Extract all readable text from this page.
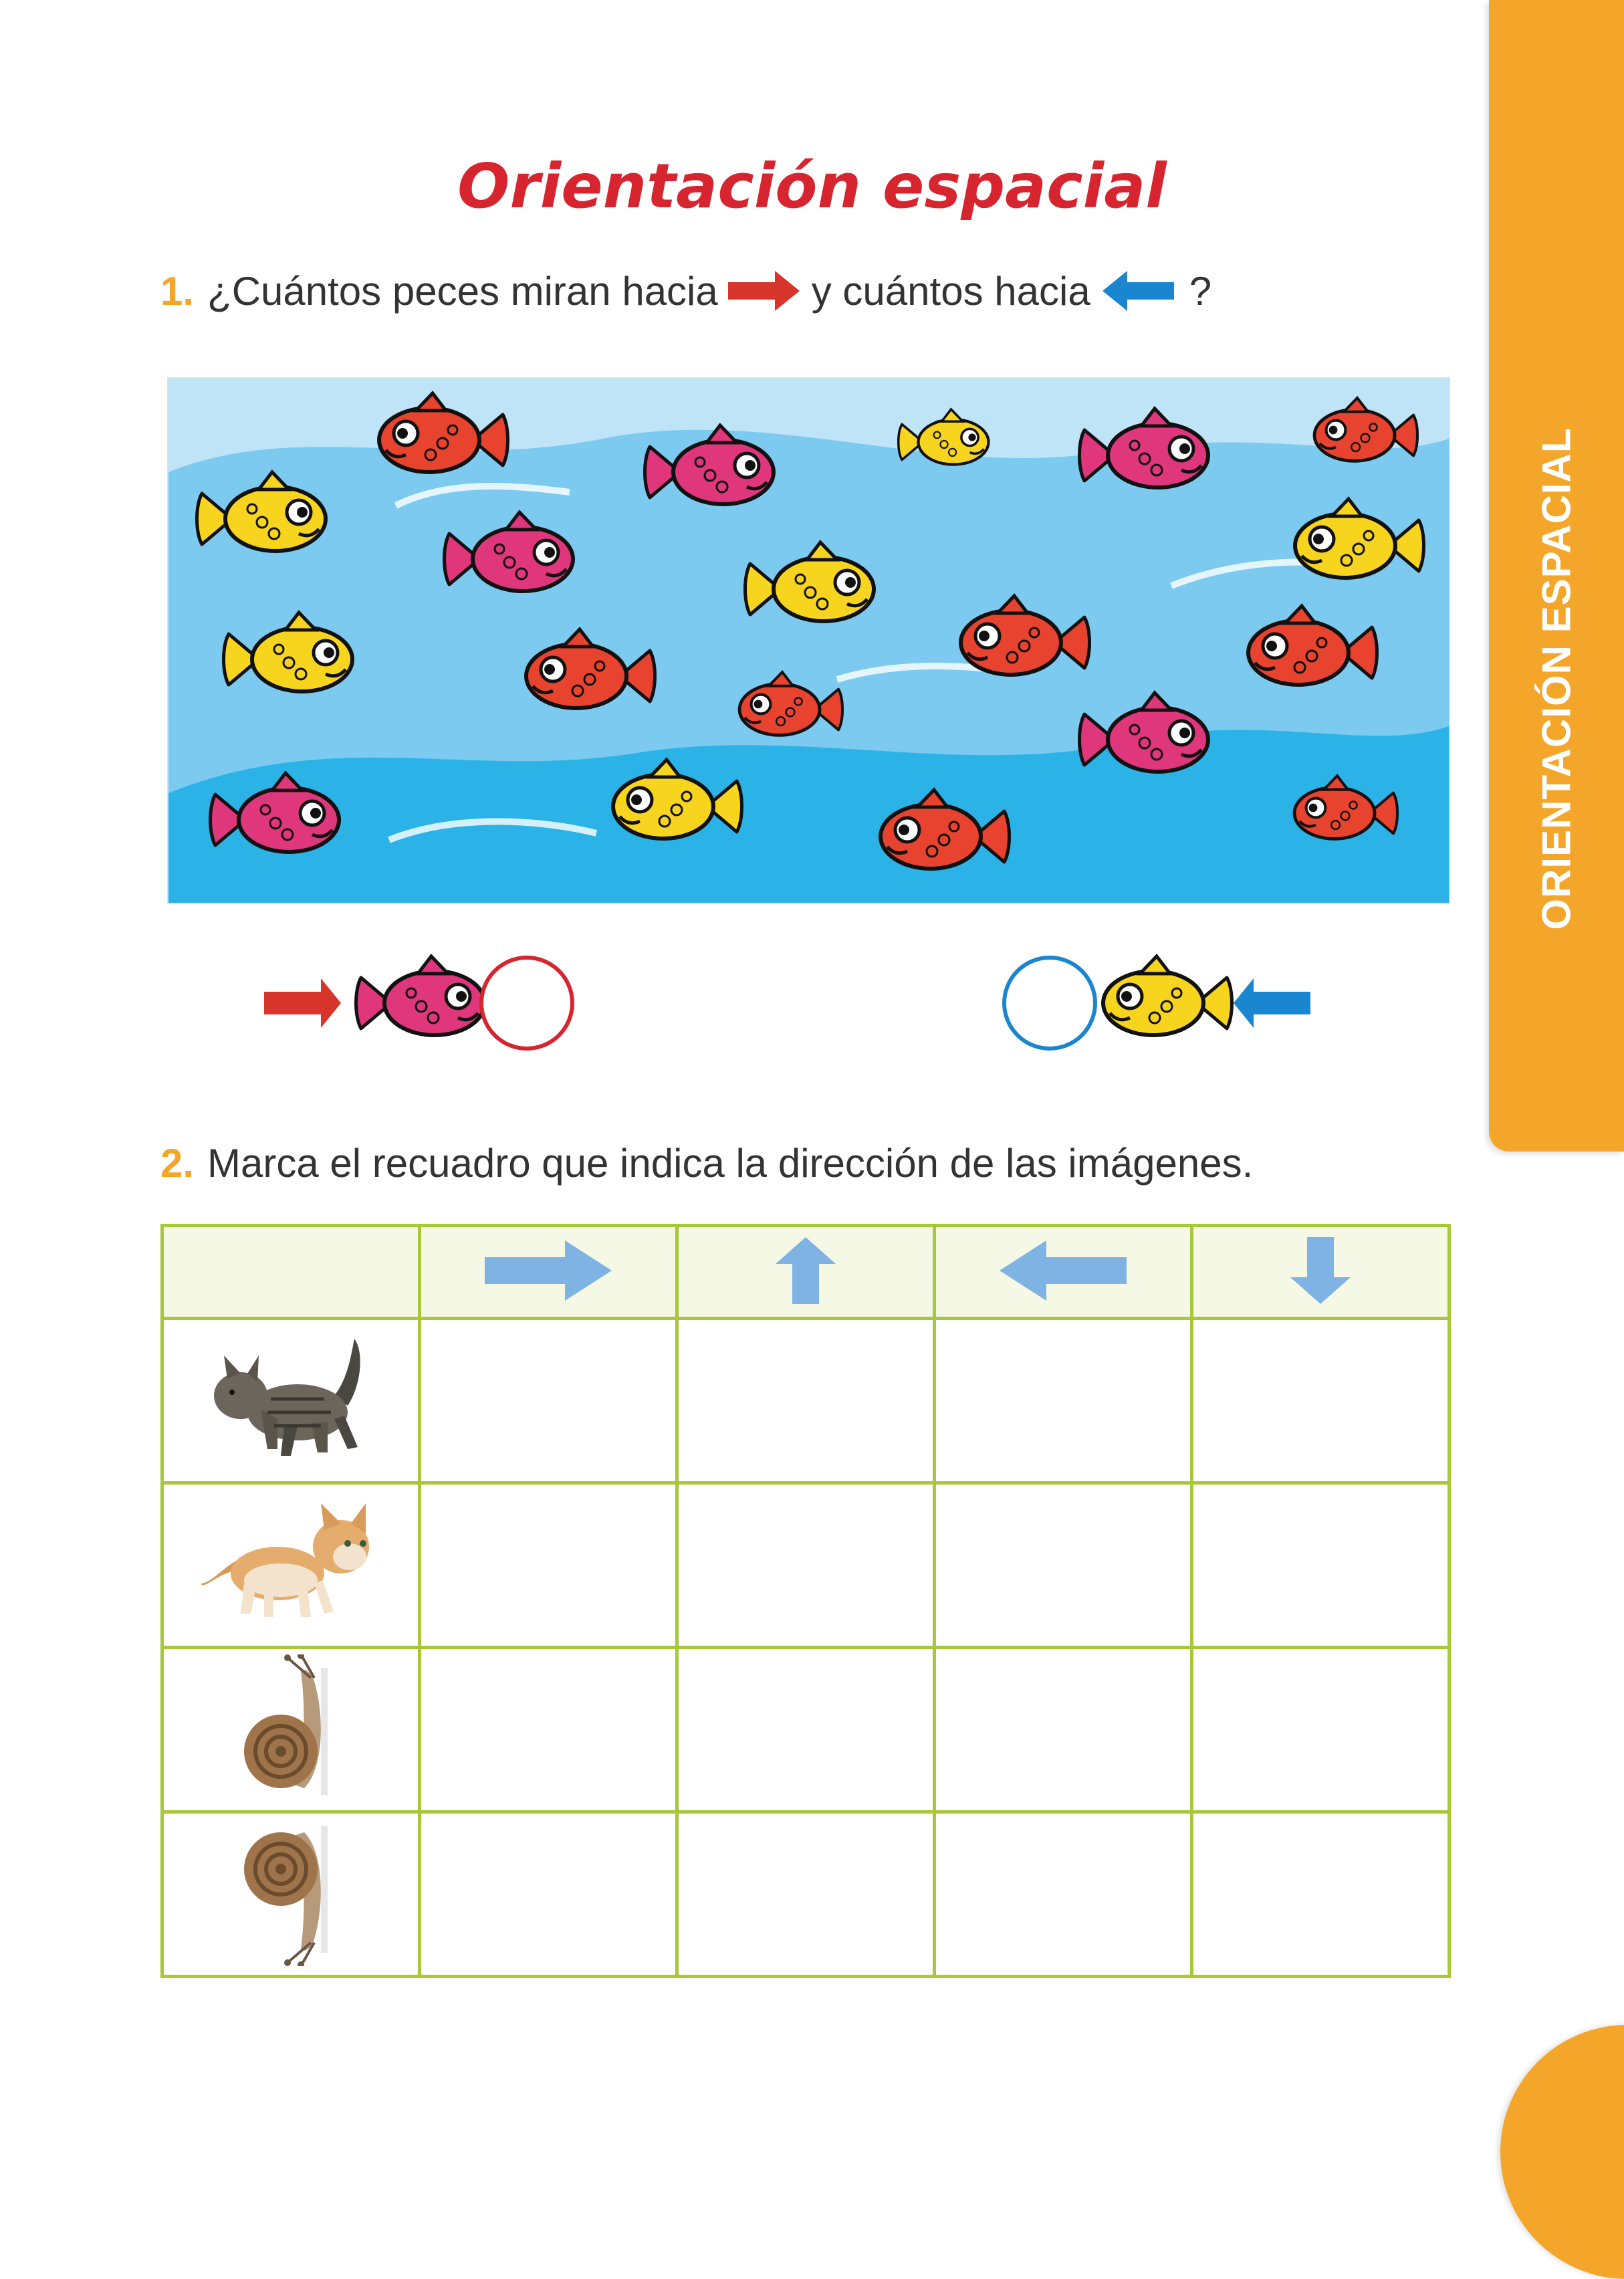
ORIENTACIÓN ESPACIAL
17
Orientación espacial
1. ¿Cuántos peces miran hacia y cuántos hacia ?
2. Marca el recuadro que indica la dirección de las imágenes.
